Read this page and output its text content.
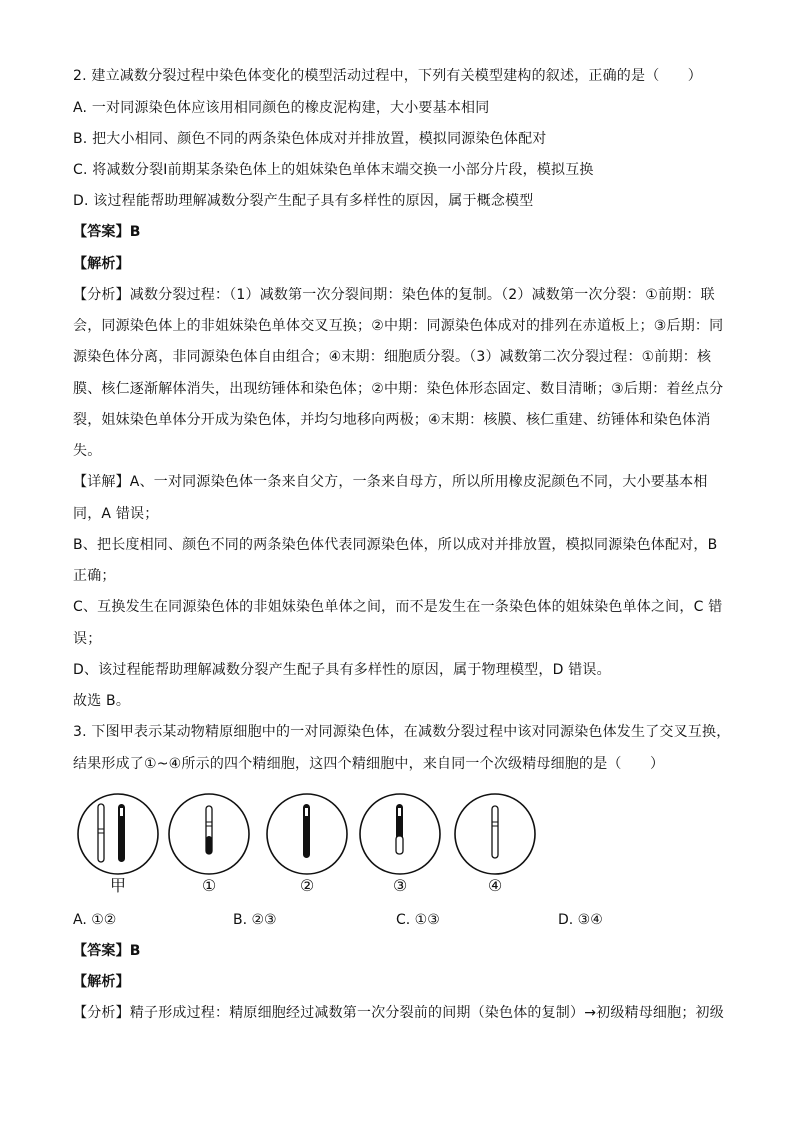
2. 建立减数分裂过程中染色体变化的模型活动过程中，下列有关模型建构的叙述，正确的是（　　）
A. 一对同源染色体应该用相同颜色的橡皮泥构建，大小要基本相同
B. 把大小相同、颜色不同的两条染色体成对并排放置，模拟同源染色体配对
C. 将减数分裂Ⅰ前期某条染色体上的姐妹染色单体末端交换一小部分片段，模拟互换
D. 该过程能帮助理解减数分裂产生配子具有多样性的原因，属于概念模型
【答案】B
【解析】
【分析】减数分裂过程：（1）减数第一次分裂间期：染色体的复制。（2）减数第一次分裂：①前期：联
会，同源染色体上的非姐妹染色单体交叉互换；②中期：同源染色体成对的排列在赤道板上；③后期：同
源染色体分离，非同源染色体自由组合；④末期：细胞质分裂。（3）减数第二次分裂过程：①前期：核
膜、核仁逐渐解体消失，出现纺锤体和染色体；②中期：染色体形态固定、数目清晰；③后期：着丝点分
裂，姐妹染色单体分开成为染色体，并均匀地移向两极；④末期：核膜、核仁重建、纺锤体和染色体消
失。
【详解】A、一对同源染色体一条来自父方，一条来自母方，所以所用橡皮泥颜色不同，大小要基本相
同，A 错误；
B、把长度相同、颜色不同的两条染色体代表同源染色体，所以成对并排放置，模拟同源染色体配对，B
正确；
C、互换发生在同源染色体的非姐妹染色单体之间，而不是发生在一条染色体的姐妹染色单体之间，C 错
误；
D、该过程能帮助理解减数分裂产生配子具有多样性的原因，属于物理模型，D 错误。
故选 B。
3. 下图甲表示某动物精原细胞中的一对同源染色体，在减数分裂过程中该对同源染色体发生了交叉互换，
结果形成了①~④所示的四个精细胞，这四个精细胞中，来自同一个次级精母细胞的是（　　）
甲	①	②	③	④
A. ①②	B. ②③	C. ①③	D. ③④
【答案】B
【解析】
【分析】精子形成过程：精原细胞经过减数第一次分裂前的间期（染色体的复制）→初级精母细胞；初级
